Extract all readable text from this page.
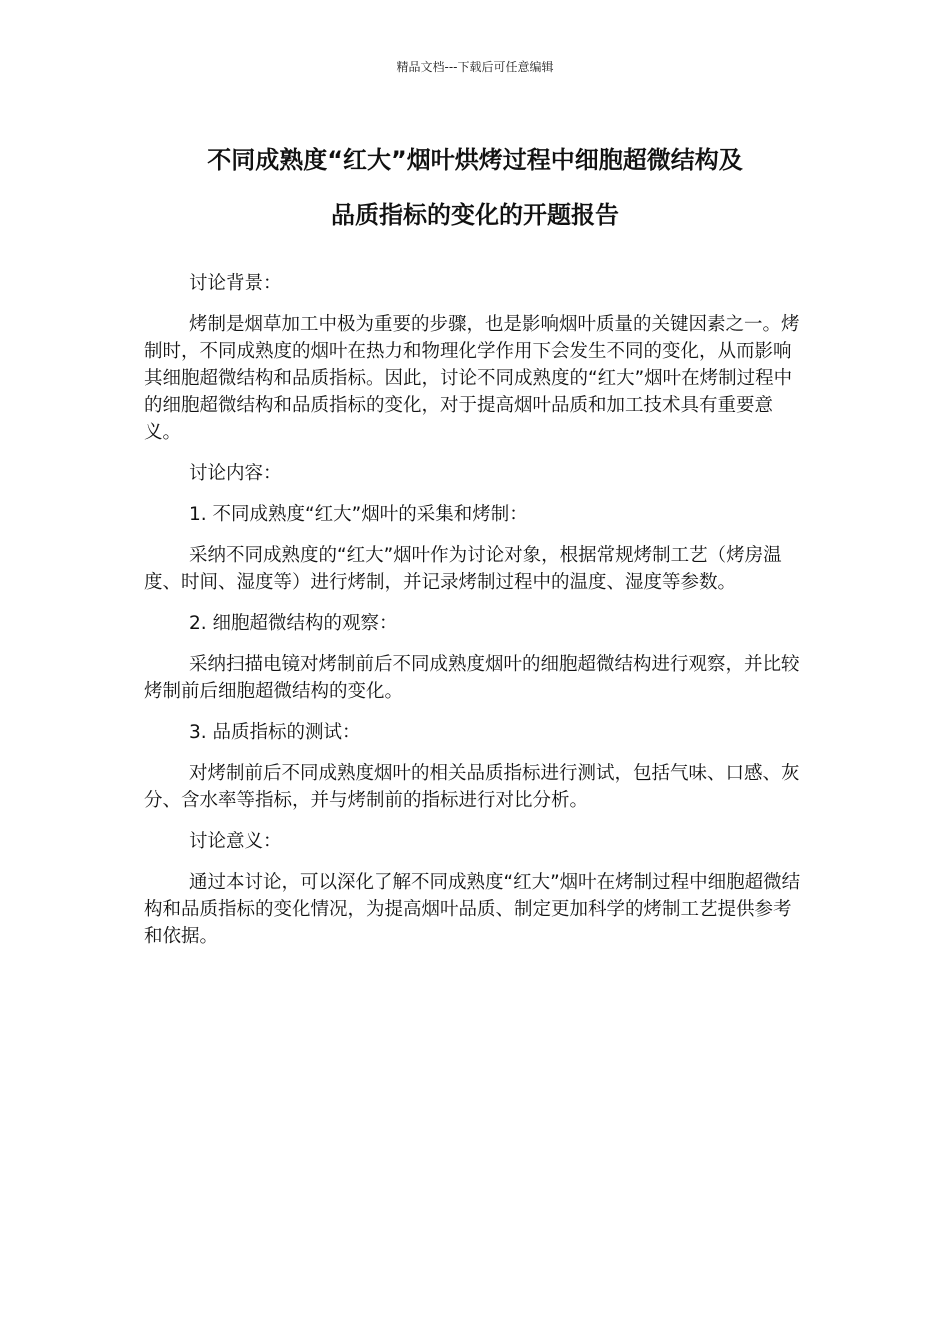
精品文档---下载后可任意编辑
不同成熟度“红大”烟叶烘烤过程中细胞超微结构及
品质指标的变化的开题报告

讨论背景：

烤制是烟草加工中极为重要的步骤，也是影响烟叶质量的关键因素之一。烤制时，不同成熟度的烟叶在热力和物理化学作用下会发生不同的变化，从而影响其细胞超微结构和品质指标。因此，讨论不同成熟度的“红大”烟叶在烤制过程中的细胞超微结构和品质指标的变化，对于提高烟叶品质和加工技术具有重要意义。

讨论内容：

1. 不同成熟度“红大”烟叶的采集和烤制：

采纳不同成熟度的“红大”烟叶作为讨论对象，根据常规烤制工艺（烤房温度、时间、湿度等）进行烤制，并记录烤制过程中的温度、湿度等参数。

2. 细胞超微结构的观察：

采纳扫描电镜对烤制前后不同成熟度烟叶的细胞超微结构进行观察，并比较烤制前后细胞超微结构的变化。

3. 品质指标的测试：

对烤制前后不同成熟度烟叶的相关品质指标进行测试，包括气味、口感、灰分、含水率等指标，并与烤制前的指标进行对比分析。

讨论意义：

通过本讨论，可以深化了解不同成熟度“红大”烟叶在烤制过程中细胞超微结构和品质指标的变化情况，为提高烟叶品质、制定更加科学的烤制工艺提供参考和依据。
